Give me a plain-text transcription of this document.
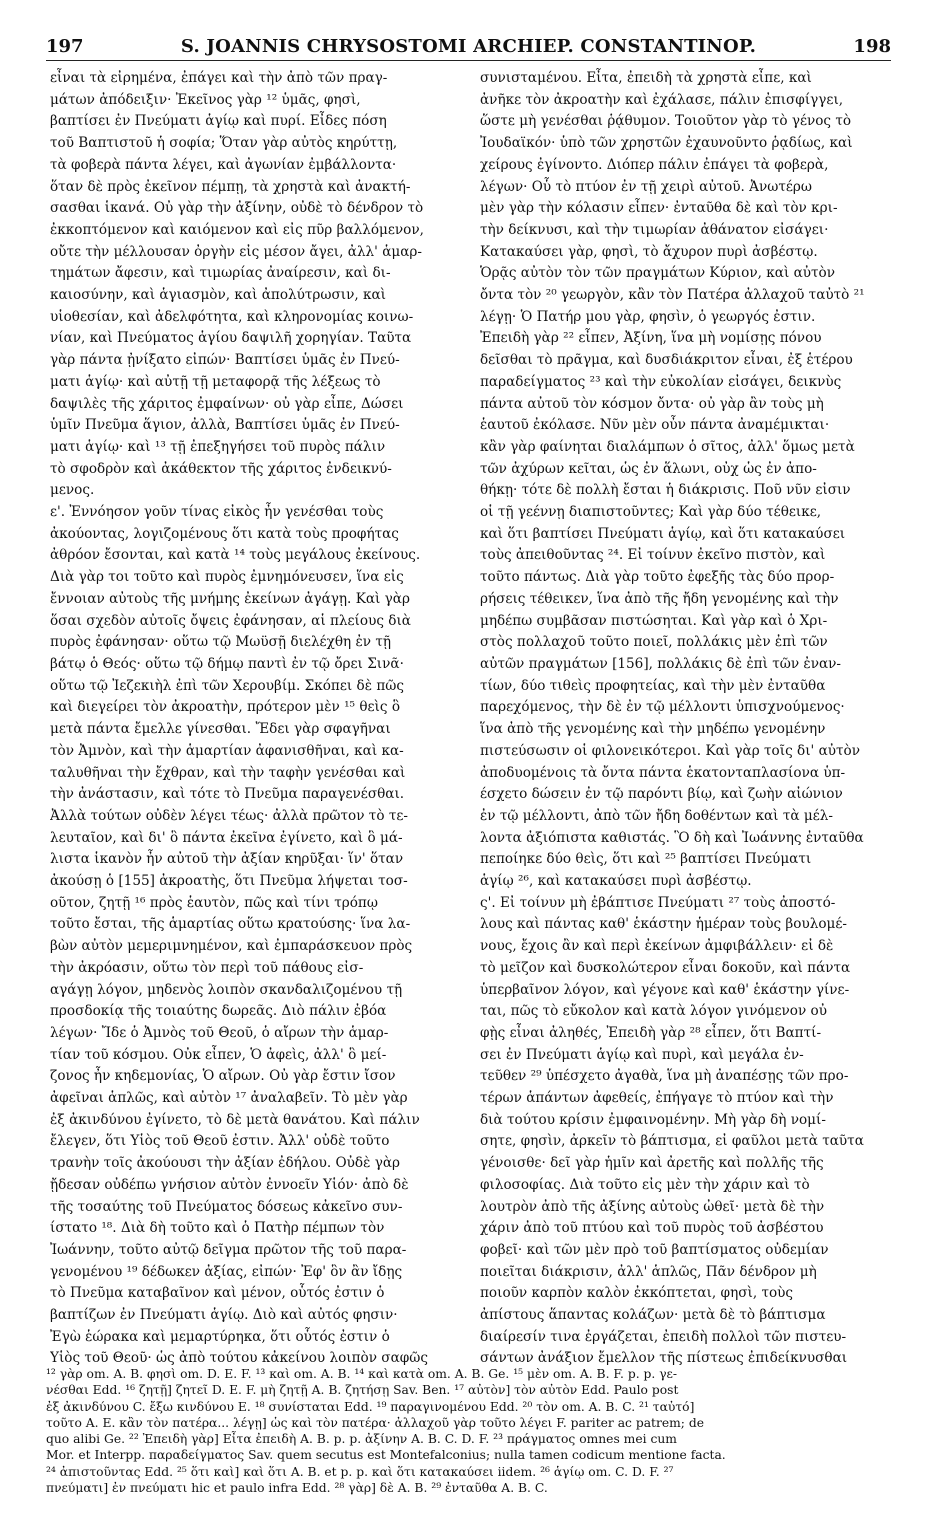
197	S. JOANNIS CHRYSOSTOMI ARCHIEP. CONSTANTINOP.	198
εἶναι τὰ εἰρημένα, ἐπάγει καὶ τὴν ἀπὸ τῶν πραγ-
μάτων ἀπόδειξιν· Ἐκεῖνος γὰρ ¹² ὑμᾶς, φησὶ,
βαπτίσει ἐν Πνεύματι ἁγίῳ καὶ πυρί. Εἶδες πόση
τοῦ Βαπτιστοῦ ἡ σοφία; Ὅταν γὰρ αὐτὸς κηρύττῃ,
τὰ φοβερὰ πάντα λέγει, καὶ ἀγωνίαν ἐμβάλλοντα·
ὅταν δὲ πρὸς ἐκεῖνον πέμπῃ, τὰ χρηστὰ καὶ ἀνακτή-
σασθαι ἱκανά. Οὐ γὰρ τὴν ἀξίνην, οὐδὲ τὸ δένδρον τὸ
ἐκκοπτόμενον καὶ καιόμενον καὶ εἰς πῦρ βαλλόμενον,
οὔτε τὴν μέλλουσαν ὀργὴν εἰς μέσον ἄγει, ἀλλ' ἁμαρ-
τημάτων ἄφεσιν, καὶ τιμωρίας ἀναίρεσιν, καὶ δι-
καιοσύνην, καὶ ἁγιασμὸν, καὶ ἀπολύτρωσιν, καὶ
υἱοθεσίαν, καὶ ἀδελφότητα, καὶ κληρονομίας κοινω-
νίαν, καὶ Πνεύματος ἁγίου δαψιλῆ χορηγίαν. Ταῦτα
γὰρ πάντα ᾐνίξατο εἰπών· Βαπτίσει ὑμᾶς ἐν Πνεύ-
ματι ἁγίῳ· καὶ αὐτῇ τῇ μεταφορᾷ τῆς λέξεως τὸ
δαψιλὲς τῆς χάριτος ἐμφαίνων· οὐ γὰρ εἶπε, Δώσει
ὑμῖν Πνεῦμα ἅγιον, ἀλλὰ, Βαπτίσει ὑμᾶς ἐν Πνεύ-
ματι ἁγίῳ· καὶ ¹³ τῇ ἐπεξηγήσει τοῦ πυρὸς πάλιν
τὸ σφοδρὸν καὶ ἀκάθεκτον τῆς χάριτος ἐνδεικνύ-
μενος.
ε'. Ἐννόησον γοῦν τίνας εἰκὸς ἦν γενέσθαι τοὺς
ἀκούοντας, λογιζομένους ὅτι κατὰ τοὺς προφήτας
ἀθρόον ἔσονται, καὶ κατὰ ¹⁴ τοὺς μεγάλους ἐκείνους.
Διὰ γὰρ τοι τοῦτο καὶ πυρὸς ἐμνημόνευσεν, ἵνα εἰς
ἔννοιαν αὐτοὺς τῆς μνήμης ἐκείνων ἀγάγῃ. Καὶ γὰρ
ὅσαι σχεδὸν αὐτοῖς ὄψεις ἐφάνησαν, αἱ πλείους διὰ
πυρὸς ἐφάνησαν· οὕτω τῷ Μωϋσῇ διελέχθη ἐν τῇ
βάτῳ ὁ Θεός· οὕτω τῷ δήμῳ παντὶ ἐν τῷ ὄρει Σινᾶ·
οὕτω τῷ Ἰεζεκιὴλ ἐπὶ τῶν Χερουβίμ. Σκόπει δὲ πῶς
καὶ διεγείρει τὸν ἀκροατὴν, πρότερον μὲν ¹⁵ θεὶς ὃ
μετὰ πάντα ἔμελλε γίνεσθαι. Ἔδει γὰρ σφαγῆναι
τὸν Ἀμνὸν, καὶ τὴν ἁμαρτίαν ἀφανισθῆναι, καὶ κα-
ταλυθῆναι τὴν ἔχθραν, καὶ τὴν ταφὴν γενέσθαι καὶ
τὴν ἀνάστασιν, καὶ τότε τὸ Πνεῦμα παραγενέσθαι.
Ἀλλὰ τούτων οὐδὲν λέγει τέως· ἀλλὰ πρῶτον τὸ τε-
λευταῖον, καὶ δι' ὃ πάντα ἐκεῖνα ἐγίνετο, καὶ ὃ μά-
λιστα ἱκανὸν ἦν αὐτοῦ τὴν ἀξίαν κηρῦξαι· ἵν' ὅταν
ἀκούσῃ ὁ [155] ἀκροατὴς, ὅτι Πνεῦμα λήψεται τοσ-
οῦτον, ζητῇ ¹⁶ πρὸς ἑαυτὸν, πῶς καὶ τίνι τρόπῳ
τοῦτο ἔσται, τῆς ἁμαρτίας οὕτω κρατούσης· ἵνα λα-
βὼν αὐτὸν μεμεριμνημένον, καὶ ἐμπαράσκευον πρὸς
τὴν ἀκρόασιν, οὕτω τὸν περὶ τοῦ πάθους εἰσ-
αγάγῃ λόγον, μηδενὸς λοιπὸν σκανδαλιζομένου τῇ
προσδοκίᾳ τῆς τοιαύτης δωρεᾶς. Διὸ πάλιν ἐβόα
λέγων· Ἴδε ὁ Ἀμνὸς τοῦ Θεοῦ, ὁ αἴρων τὴν ἁμαρ-
τίαν τοῦ κόσμου. Οὐκ εἶπεν, Ὁ ἀφεὶς, ἀλλ' ὃ μεί-
ζονος ἦν κηδεμονίας, Ὁ αἴρων. Οὐ γὰρ ἔστιν ἴσον
ἀφεῖναι ἁπλῶς, καὶ αὐτὸν ¹⁷ ἀναλαβεῖν. Τὸ μὲν γὰρ
ἐξ ἀκινδύνου ἐγίνετο, τὸ δὲ μετὰ θανάτου. Καὶ πάλιν
ἔλεγεν, ὅτι Υἱὸς τοῦ Θεοῦ ἐστιν. Ἀλλ' οὐδὲ τοῦτο
τρανὴν τοῖς ἀκούουσι τὴν ἀξίαν ἐδήλου. Οὐδὲ γὰρ
ᾔδεσαν οὐδέπω γνήσιον αὐτὸν ἐννοεῖν Υἱόν· ἀπὸ δὲ
τῆς τοσαύτης τοῦ Πνεύματος δόσεως κἀκεῖνο συν-
ίστατο ¹⁸. Διὰ δὴ τοῦτο καὶ ὁ Πατὴρ πέμπων τὸν
Ἰωάννην, τοῦτο αὐτῷ δεῖγμα πρῶτον τῆς τοῦ παρα-
γενομένου ¹⁹ δέδωκεν ἀξίας, εἰπών· Ἐφ' ὃν ἂν ἴδῃς
τὸ Πνεῦμα καταβαῖνον καὶ μένον, οὗτός ἐστιν ὁ
βαπτίζων ἐν Πνεύματι ἁγίῳ. Διὸ καὶ αὐτός φησιν·
Ἐγὼ ἑώρακα καὶ μεμαρτύρηκα, ὅτι οὗτός ἐστιν ὁ
Υἱὸς τοῦ Θεοῦ· ὡς ἀπὸ τούτου κἀκείνου λοιπὸν σαφῶς
συνισταμένου. Εἶτα, ἐπειδὴ τὰ χρηστὰ εἶπε, καὶ
ἀνῆκε τὸν ἀκροατὴν καὶ ἐχάλασε, πάλιν ἐπισφίγγει,
ὥστε μὴ γενέσθαι ῥᾴθυμον. Τοιοῦτον γὰρ τὸ γένος τὸ
Ἰουδαϊκόν· ὑπὸ τῶν χρηστῶν ἐχαυνοῦντο ῥᾳδίως, καὶ
χείρους ἐγίνοντο. Διόπερ πάλιν ἐπάγει τὰ φοβερὰ,
λέγων· Οὗ τὸ πτύον ἐν τῇ χειρὶ αὐτοῦ. Ἀνωτέρω
μὲν γὰρ τὴν κόλασιν εἶπεν· ἐνταῦθα δὲ καὶ τὸν κρι-
τὴν δείκνυσι, καὶ τὴν τιμωρίαν ἀθάνατον εἰσάγει·
Κατακαύσει γὰρ, φησὶ, τὸ ἄχυρον πυρὶ ἀσβέστῳ.
Ὁρᾷς αὐτὸν τὸν τῶν πραγμάτων Κύριον, καὶ αὐτὸν
ὄντα τὸν ²⁰ γεωργὸν, κἂν τὸν Πατέρα ἀλλαχοῦ ταὐτὸ ²¹
λέγῃ· Ὁ Πατήρ μου γὰρ, φησὶν, ὁ γεωργός ἐστιν.
Ἐπειδὴ γὰρ ²² εἶπεν, Ἀξίνη, ἵνα μὴ νομίσῃς πόνου
δεῖσθαι τὸ πρᾶγμα, καὶ δυσδιάκριτον εἶναι, ἐξ ἑτέρου
παραδείγματος ²³ καὶ τὴν εὐκολίαν εἰσάγει, δεικνὺς
πάντα αὐτοῦ τὸν κόσμον ὄντα· οὐ γὰρ ἂν τοὺς μὴ
ἑαυτοῦ ἐκόλασε. Νῦν μὲν οὖν πάντα ἀναμέμικται·
κἂν γὰρ φαίνηται διαλάμπων ὁ σῖτος, ἀλλ' ὅμως μετὰ
τῶν ἀχύρων κεῖται, ὡς ἐν ἅλωνι, οὐχ ὡς ἐν ἀπο-
θήκῃ· τότε δὲ πολλὴ ἔσται ἡ διάκρισις. Ποῦ νῦν εἰσιν
οἱ τῇ γεέννῃ διαπιστοῦντες; Καὶ γὰρ δύο τέθεικε,
καὶ ὅτι βαπτίσει Πνεύματι ἁγίῳ, καὶ ὅτι κατακαύσει
τοὺς ἀπειθοῦντας ²⁴. Εἰ τοίνυν ἐκεῖνο πιστὸν, καὶ
τοῦτο πάντως. Διὰ γὰρ τοῦτο ἐφεξῆς τὰς δύο προρ-
ρήσεις τέθεικεν, ἵνα ἀπὸ τῆς ἤδη γενομένης καὶ τὴν
μηδέπω συμβᾶσαν πιστώσηται. Καὶ γὰρ καὶ ὁ Χρι-
στὸς πολλαχοῦ τοῦτο ποιεῖ, πολλάκις μὲν ἐπὶ τῶν
αὐτῶν πραγμάτων [156], πολλάκις δὲ ἐπὶ τῶν ἐναν-
τίων, δύο τιθεὶς προφητείας, καὶ τὴν μὲν ἐνταῦθα
παρεχόμενος, τὴν δὲ ἐν τῷ μέλλοντι ὑπισχνούμενος·
ἵνα ἀπὸ τῆς γενομένης καὶ τὴν μηδέπω γενομένην
πιστεύσωσιν οἱ φιλονεικότεροι. Καὶ γὰρ τοῖς δι' αὐτὸν
ἀποδυομένοις τὰ ὄντα πάντα ἑκατονταπλασίονα ὑπ-
έσχετο δώσειν ἐν τῷ παρόντι βίῳ, καὶ ζωὴν αἰώνιον
ἐν τῷ μέλλοντι, ἀπὸ τῶν ἤδη δοθέντων καὶ τὰ μέλ-
λοντα ἀξιόπιστα καθιστάς. Ὃ δὴ καὶ Ἰωάννης ἐνταῦθα
πεποίηκε δύο θεὶς, ὅτι καὶ ²⁵ βαπτίσει Πνεύματι
ἁγίῳ ²⁶, καὶ κατακαύσει πυρὶ ἀσβέστῳ.
ς'. Εἰ τοίνυν μὴ ἐβάπτισε Πνεύματι ²⁷ τοὺς ἀποστό-
λους καὶ πάντας καθ' ἑκάστην ἡμέραν τοὺς βουλομέ-
νους, ἔχοις ἂν καὶ περὶ ἐκείνων ἀμφιβάλλειν· εἰ δὲ
τὸ μεῖζον καὶ δυσκολώτερον εἶναι δοκοῦν, καὶ πάντα
ὑπερβαῖνον λόγον, καὶ γέγονε καὶ καθ' ἑκάστην γίνε-
ται, πῶς τὸ εὔκολον καὶ κατὰ λόγον γινόμενον οὐ
φῂς εἶναι ἀληθές, Ἐπειδὴ γὰρ ²⁸ εἶπεν, ὅτι Βαπτί-
σει ἐν Πνεύματι ἁγίῳ καὶ πυρὶ, καὶ μεγάλα ἐν-
τεῦθεν ²⁹ ὑπέσχετο ἀγαθὰ, ἵνα μὴ ἀναπέσῃς τῶν προ-
τέρων ἁπάντων ἀφεθείς, ἐπήγαγε τὸ πτύον καὶ τὴν
διὰ τούτου κρίσιν ἐμφαινομένην. Μὴ γὰρ δὴ νομί-
σητε, φησὶν, ἀρκεῖν τὸ βάπτισμα, εἰ φαῦλοι μετὰ ταῦτα
γένοισθε· δεῖ γὰρ ἡμῖν καὶ ἀρετῆς καὶ πολλῆς τῆς
φιλοσοφίας. Διὰ τοῦτο εἰς μὲν τὴν χάριν καὶ τὸ
λουτρὸν ἀπὸ τῆς ἀξίνης αὐτοὺς ὠθεῖ· μετὰ δὲ τὴν
χάριν ἀπὸ τοῦ πτύου καὶ τοῦ πυρὸς τοῦ ἀσβέστου
φοβεῖ· καὶ τῶν μὲν πρὸ τοῦ βαπτίσματος οὐδεμίαν
ποιεῖται διάκρισιν, ἀλλ' ἁπλῶς, Πᾶν δένδρον μὴ
ποιοῦν καρπὸν καλὸν ἐκκόπτεται, φησὶ, τοὺς
ἀπίστους ἅπαντας κολάζων· μετὰ δὲ τὸ βάπτισμα
διαίρεσίν τινα ἐργάζεται, ἐπειδὴ πολλοὶ τῶν πιστευ-
σάντων ἀνάξιον ἔμελλον τῆς πίστεως ἐπιδείκνυσθαι
¹² γὰρ om. A. B. φησὶ om. D. E. F. ¹³ καὶ om. A. B. ¹⁴ καὶ κατὰ om. A. B. Ge. ¹⁵ μὲν om. A. B. F. p. p. γε-
νέσθαι Edd. ¹⁶ ζητῇ] ζητεῖ D. E. F. μὴ ζητῇ A. B. ζητήσῃ Sav. Ben. ¹⁷ αὐτὸν] τὸν αὐτὸν Edd. Paulo post
ἐξ ἀκινδύνου C. ἔξω κινδύνου E. ¹⁸ συνίσταται Edd. ¹⁹ παραγινομένου Edd. ²⁰ τὸν om. A. B. C. ²¹ ταὐτό]
τοῦτο A. E. κἂν τὸν πατέρα... λέγῃ] ὡς καὶ τὸν πατέρα· ἀλλαχοῦ γὰρ τοῦτο λέγει F. pariter ac patrem; de
quo alibi Ge. ²² Ἐπειδὴ γὰρ] Εἶτα ἐπειδὴ A. B. p. p. ἀξίνην A. B. C. D. F. ²³ πράγματος omnes mei cum
Mor. et Interpp. παραδείγματος Sav. quem secutus est Montefalconius; nulla tamen codicum mentione facta.
²⁴ ἀπιστοῦντας Edd. ²⁵ ὅτι καὶ] καὶ ὅτι A. B. et p. p. καὶ ὅτι κατακαύσει iidem. ²⁶ ἁγίῳ om. C. D. F. ²⁷
πνεύματι] ἐν πνεύματι hic et paulo infra Edd. ²⁸ γὰρ] δὲ A. B. ²⁹ ἐνταῦθα A. B. C.
